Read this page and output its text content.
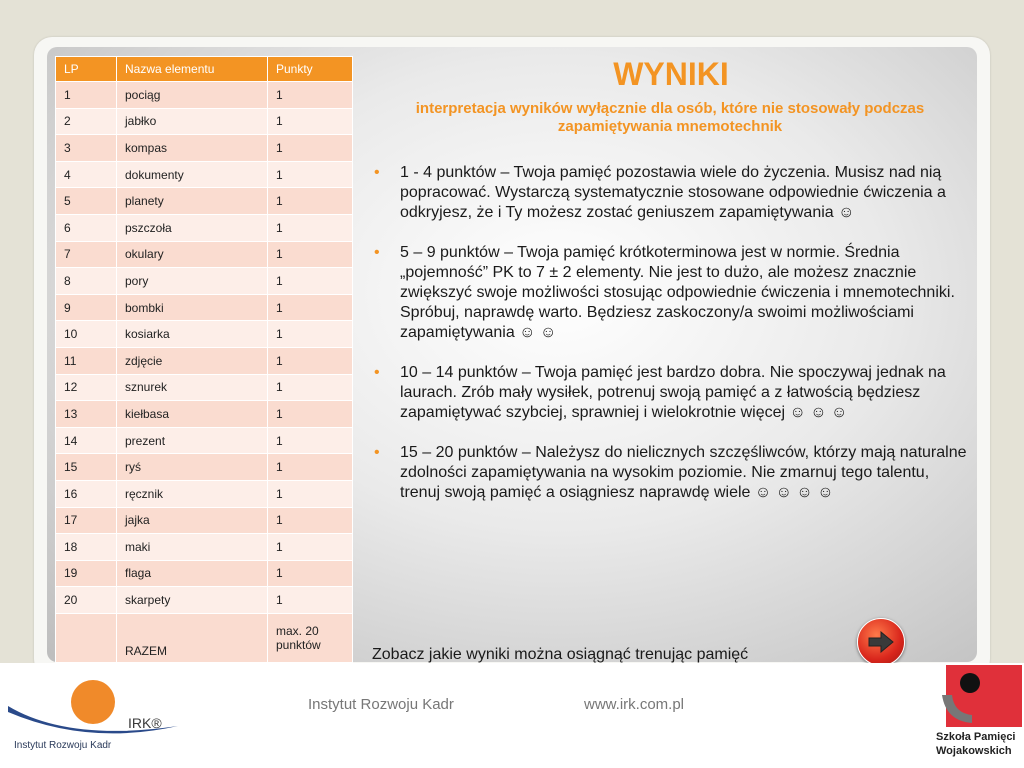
LP	Nazwa elementu	Punkty
1	pociąg	1
2	jabłko	1
3	kompas	1
4	dokumenty	1
5	planety	1
6	pszczoła	1
7	okulary	1
8	pory	1
9	bombki	1
10	kosiarka	1
11	zdjęcie	1
12	sznurek	1
13	kiełbasa	1
14	prezent	1
15	ryś	1
16	ręcznik	1
17	jajka	1
18	maki	1
19	flaga	1
20	skarpety	1
	RAZEM	max. 20 punktów
WYNIKI
interpretacja wyników wyłącznie dla osób, które nie stosowały podczas zapamiętywania mnemotechnik
• 1 - 4 punktów – Twoja pamięć pozostawia wiele do życzenia. Musisz nad nią popracować. Wystarczą systematycznie stosowane odpowiednie ćwiczenia a odkryjesz, że i Ty możesz zostać geniuszem zapamiętywania ☺
• 5 – 9 punktów – Twoja pamięć krótkoterminowa jest w normie. Średnia „pojemność” PK to 7 ± 2 elementy. Nie jest to dużo, ale możesz znacznie zwiększyć swoje możliwości stosując odpowiednie ćwiczenia i mnemotechniki. Spróbuj, naprawdę warto. Będziesz zaskoczony/a swoimi możliwościami zapamiętywania ☺ ☺
• 10 – 14 punktów – Twoja pamięć jest bardzo dobra. Nie spoczywaj jednak na laurach. Zrób mały wysiłek, potrenuj swoją pamięć a z łatwością będziesz zapamiętywać szybciej, sprawniej i wielokrotnie więcej ☺ ☺ ☺
• 15 – 20 punktów – Należysz do nielicznych szczęśliwców, którzy mają naturalne zdolności zapamiętywania na wysokim poziomie. Nie zmarnuj tego talentu, trenuj swoją pamięć a osiągniesz naprawdę wiele ☺ ☺ ☺ ☺
Zobacz jakie wyniki można osiągnąć trenując pamięć
IRK®
Instytut Rozwoju Kadr
Instytut Rozwoju Kadr	www.irk.com.pl
Szkoła Pamięci Wojakowskich
